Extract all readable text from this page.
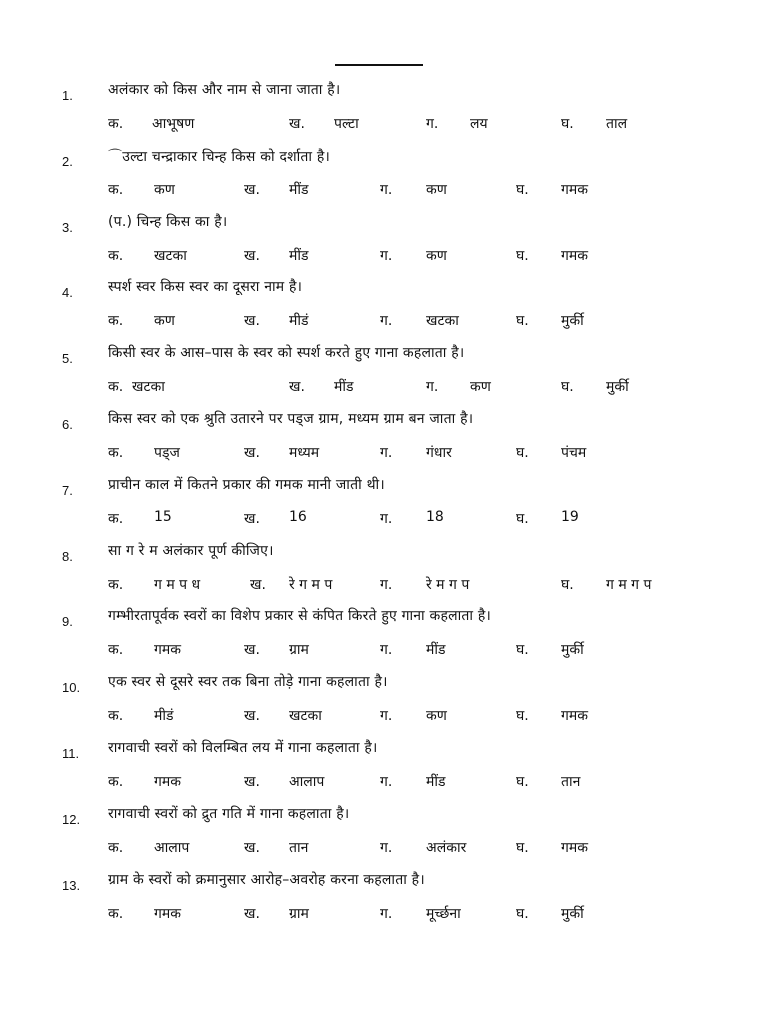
1.	अलंकार को किस और नाम से जाना जाता है।
क. आभूषण	ख. पल्टा	ग. लय	घ. ताल
2.	⌒उल्टा चन्द्राकार चिन्ह किस को दर्शाता है।
क. कण	ख. मींड	ग. कण	घ. गमक
3.	(प.) चिन्ह किस का है।
क. खटका	ख. मींड	ग. कण	घ. गमक
4.	स्पर्श स्वर किस स्वर का दूसरा नाम है।
क. कण	ख. मीडं	ग. खटका	घ. मुर्की
5.	किसी स्वर के आस–पास के स्वर को स्पर्श करते हुए गाना कहलाता है।
क. खटका	ख. मींड	ग. कण	घ. मुर्की
6.	किस स्वर को एक श्रुति उतारने पर पड्ज ग्राम, मध्यम ग्राम बन जाता है।
क. पड्ज	ख. मध्यम	ग. गंधार	घ. पंचम
7.	प्राचीन काल में कितने प्रकार की गमक मानी जाती थी।
क. 15	ख. 16	ग. 18	घ. 19
8.	सा ग रे म अलंकार पूर्ण कीजिए।
क. ग म प ध	ख. रे ग म प	ग. रे म ग प	घ. ग म ग प
9.	गम्भीरतापूर्वक स्वरों का विशेप प्रकार से कंपित किरते हुए गाना कहलाता है।
क. गमक	ख. ग्राम	ग. मींड	घ. मुर्की
10. एक स्वर से दूसरे स्वर तक बिना तोड़े गाना कहलाता है।
क. मीडं	ख. खटका	ग. कण	घ. गमक
11. रागवाची स्वरों को विलम्बित लय में गाना कहलाता है।
क. गमक	ख. आलाप	ग. मींड	घ. तान
12. रागवाची स्वरों को द्रुत गति में गाना कहलाता है।
क. आलाप	ख. तान	ग. अलंकार	घ. गमक
13. ग्राम के स्वरों को क्रमानुसार आरोह–अवरोह करना कहलाता है।
क. गमक	ख. ग्राम	ग. मूर्च्छना	घ. मुर्की
